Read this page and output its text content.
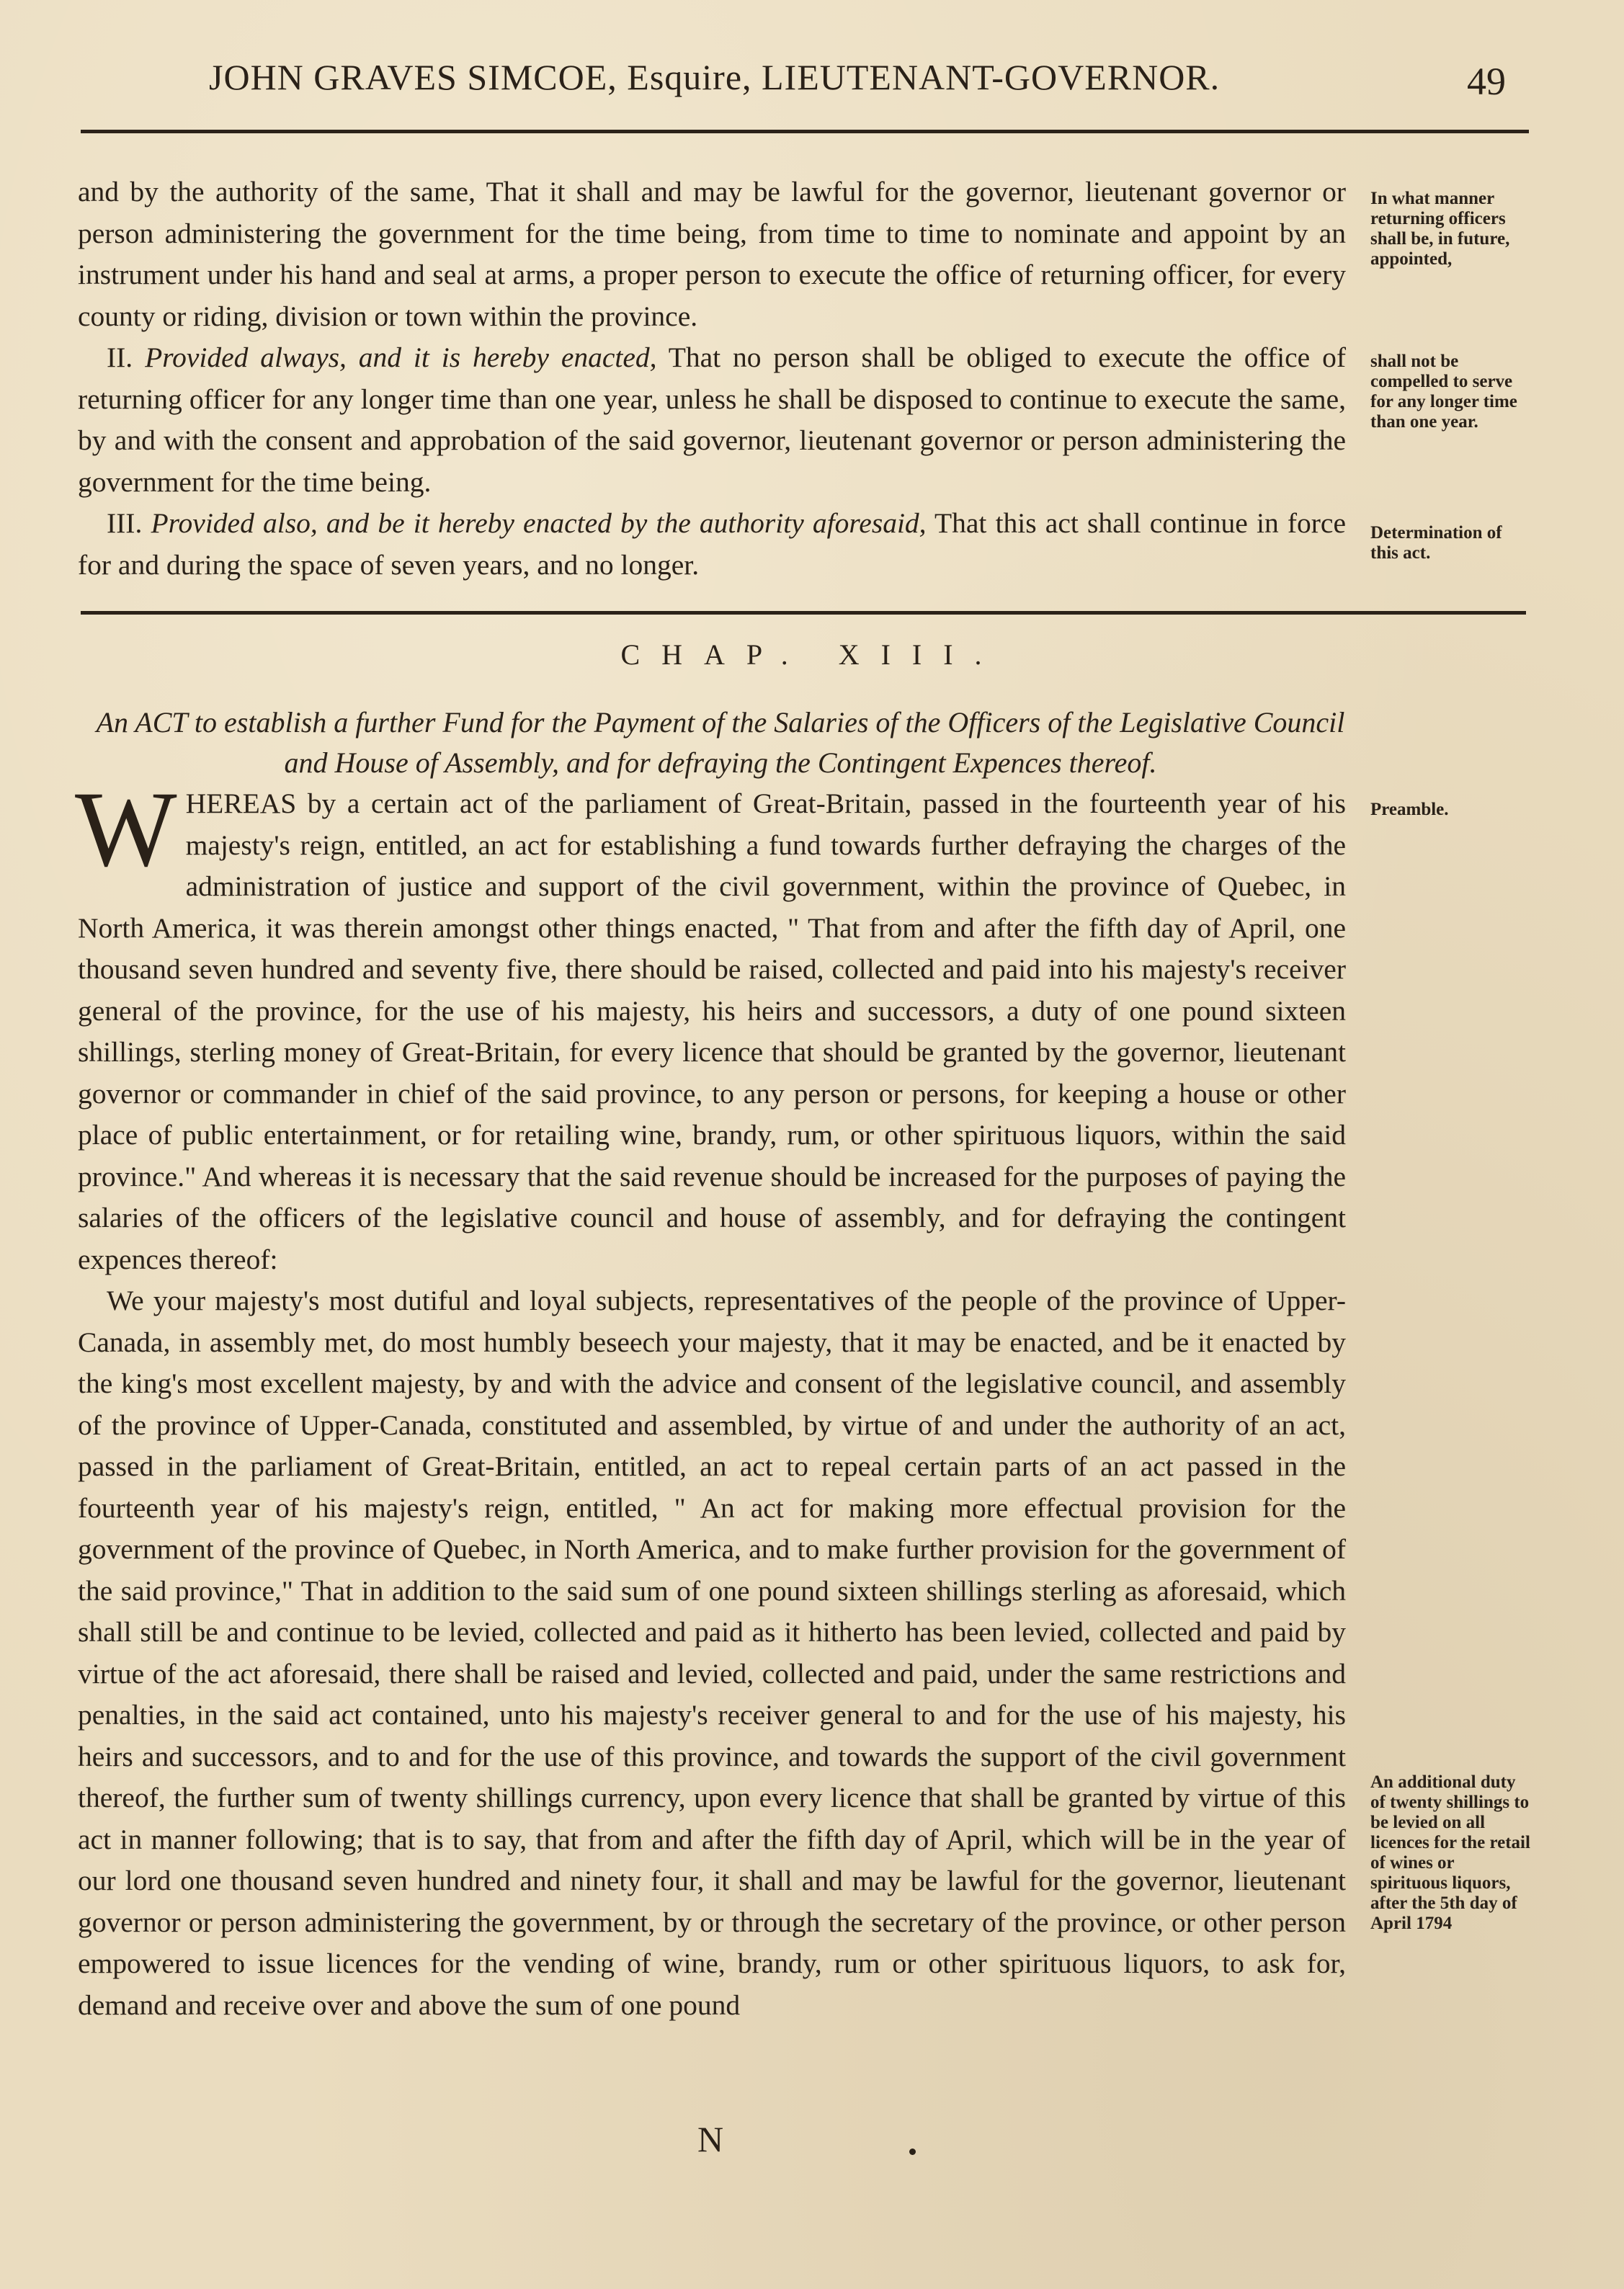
JOHN GRAVES SIMCOE, Esquire, LIEUTENANT-GOVERNOR.	49

and by the authority of the same, That it shall and may be lawful for the governor, lieutenant governor or person administering the government for the time being, from time to time to nominate and appoint by an instrument under his hand and seal at arms, a proper person to execute the office of returning officer, for every county or riding, division or town within the province.

II. Provided always, and it is hereby enacted, That no person shall be obliged to execute the office of returning officer for any longer time than one year, unless he shall be disposed to continue to execute the same, by and with the consent and approbation of the said governor, lieutenant governor or person administering the government for the time being.

III. Provided also, and be it hereby enacted by the authority aforesaid, That this act shall continue in force for and during the space of seven years, and no longer.

In what manner returning officers shall be, in future, appointed,
shall not be compelled to serve for any longer time than one year.
Determination of this act.
CHAP. XIII.
An ACT to establish a further Fund for the Payment of the Salaries of the Officers of the Legislative Council and House of Assembly, and for defraying the Contingent Expences thereof.
Preamble.

WHEREAS by a certain act of the parliament of Great-Britain, passed in the fourteenth year of his majesty's reign, entitled, an act for establishing a fund towards further defraying the charges of the administration of justice and support of the civil government, within the province of Quebec, in North America, it was therein amongst other things enacted, " That from and after the fifth day of April, one thousand seven hundred and seventy five, there should be raised, collected and paid into his majesty's receiver general of the province, for the use of his majesty, his heirs and successors, a duty of one pound sixteen shillings, sterling money of Great-Britain, for every licence that should be granted by the governor, lieutenant governor or commander in chief of the said province, to any person or persons, for keeping a house or other place of public entertainment, or for retailing wine, brandy, rum, or other spirituous liquors, within the said province." And whereas it is necessary that the said revenue should be increased for the purposes of paying the salaries of the officers of the legislative council and house of assembly, and for defraying the contingent expences thereof:

We your majesty's most dutiful and loyal subjects, representatives of the people of the province of Upper-Canada, in assembly met, do most humbly beseech your majesty, that it may be enacted, and be it enacted by the king's most excellent majesty, by and with the advice and consent of the legislative council, and assembly of the province of Upper-Canada, constituted and assembled, by virtue of and under the authority of an act, passed in the parliament of Great-Britain, entitled, an act to repeal certain parts of an act passed in the fourteenth year of his majesty's reign, entitled, " An act for making more effectual provision for the government of the province of Quebec, in North America, and to make further provision for the government of the said province," That in addition to the said sum of one pound sixteen shillings sterling as aforesaid, which shall still be and continue to be levied, collected and paid as it hitherto has been levied, collected and paid by virtue of the act aforesaid, there shall be raised and levied, collected and paid, under the same restrictions and penalties, in the said act contained, unto his majesty's receiver general to and for the use of his majesty, his heirs and successors, and to and for the use of this province, and towards the support of the civil government thereof, the further sum of twenty shillings currency, upon every licence that shall be granted by virtue of this act in manner following; that is to say, that from and after the fifth day of April, which will be in the year of our lord one thousand seven hundred and ninety four, it shall and may be lawful for the governor, lieutenant governor or person administering the government, by or through the secretary of the province, or other person empowered to issue licences for the vending of wine, brandy, rum or other spirituous liquors, to ask for, demand and receive over and above the sum of one pound

An additional duty of twenty shillings to be levied on all licences for the retail of wines or spirituous liquors, after the 5th day of April 1794
N
